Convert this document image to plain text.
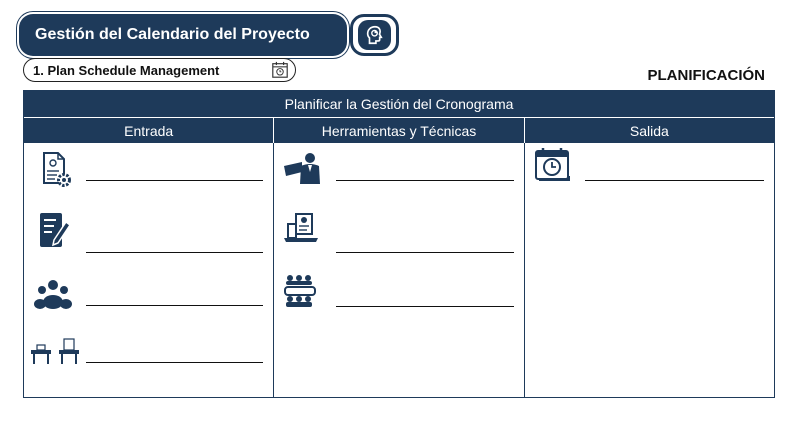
Gestión del Calendario del Proyecto
1. Plan Schedule Management	PLANIFICACIÓN
Planificar la Gestión del Cronograma
Entrada	Herramientas y Técnicas	Salida
